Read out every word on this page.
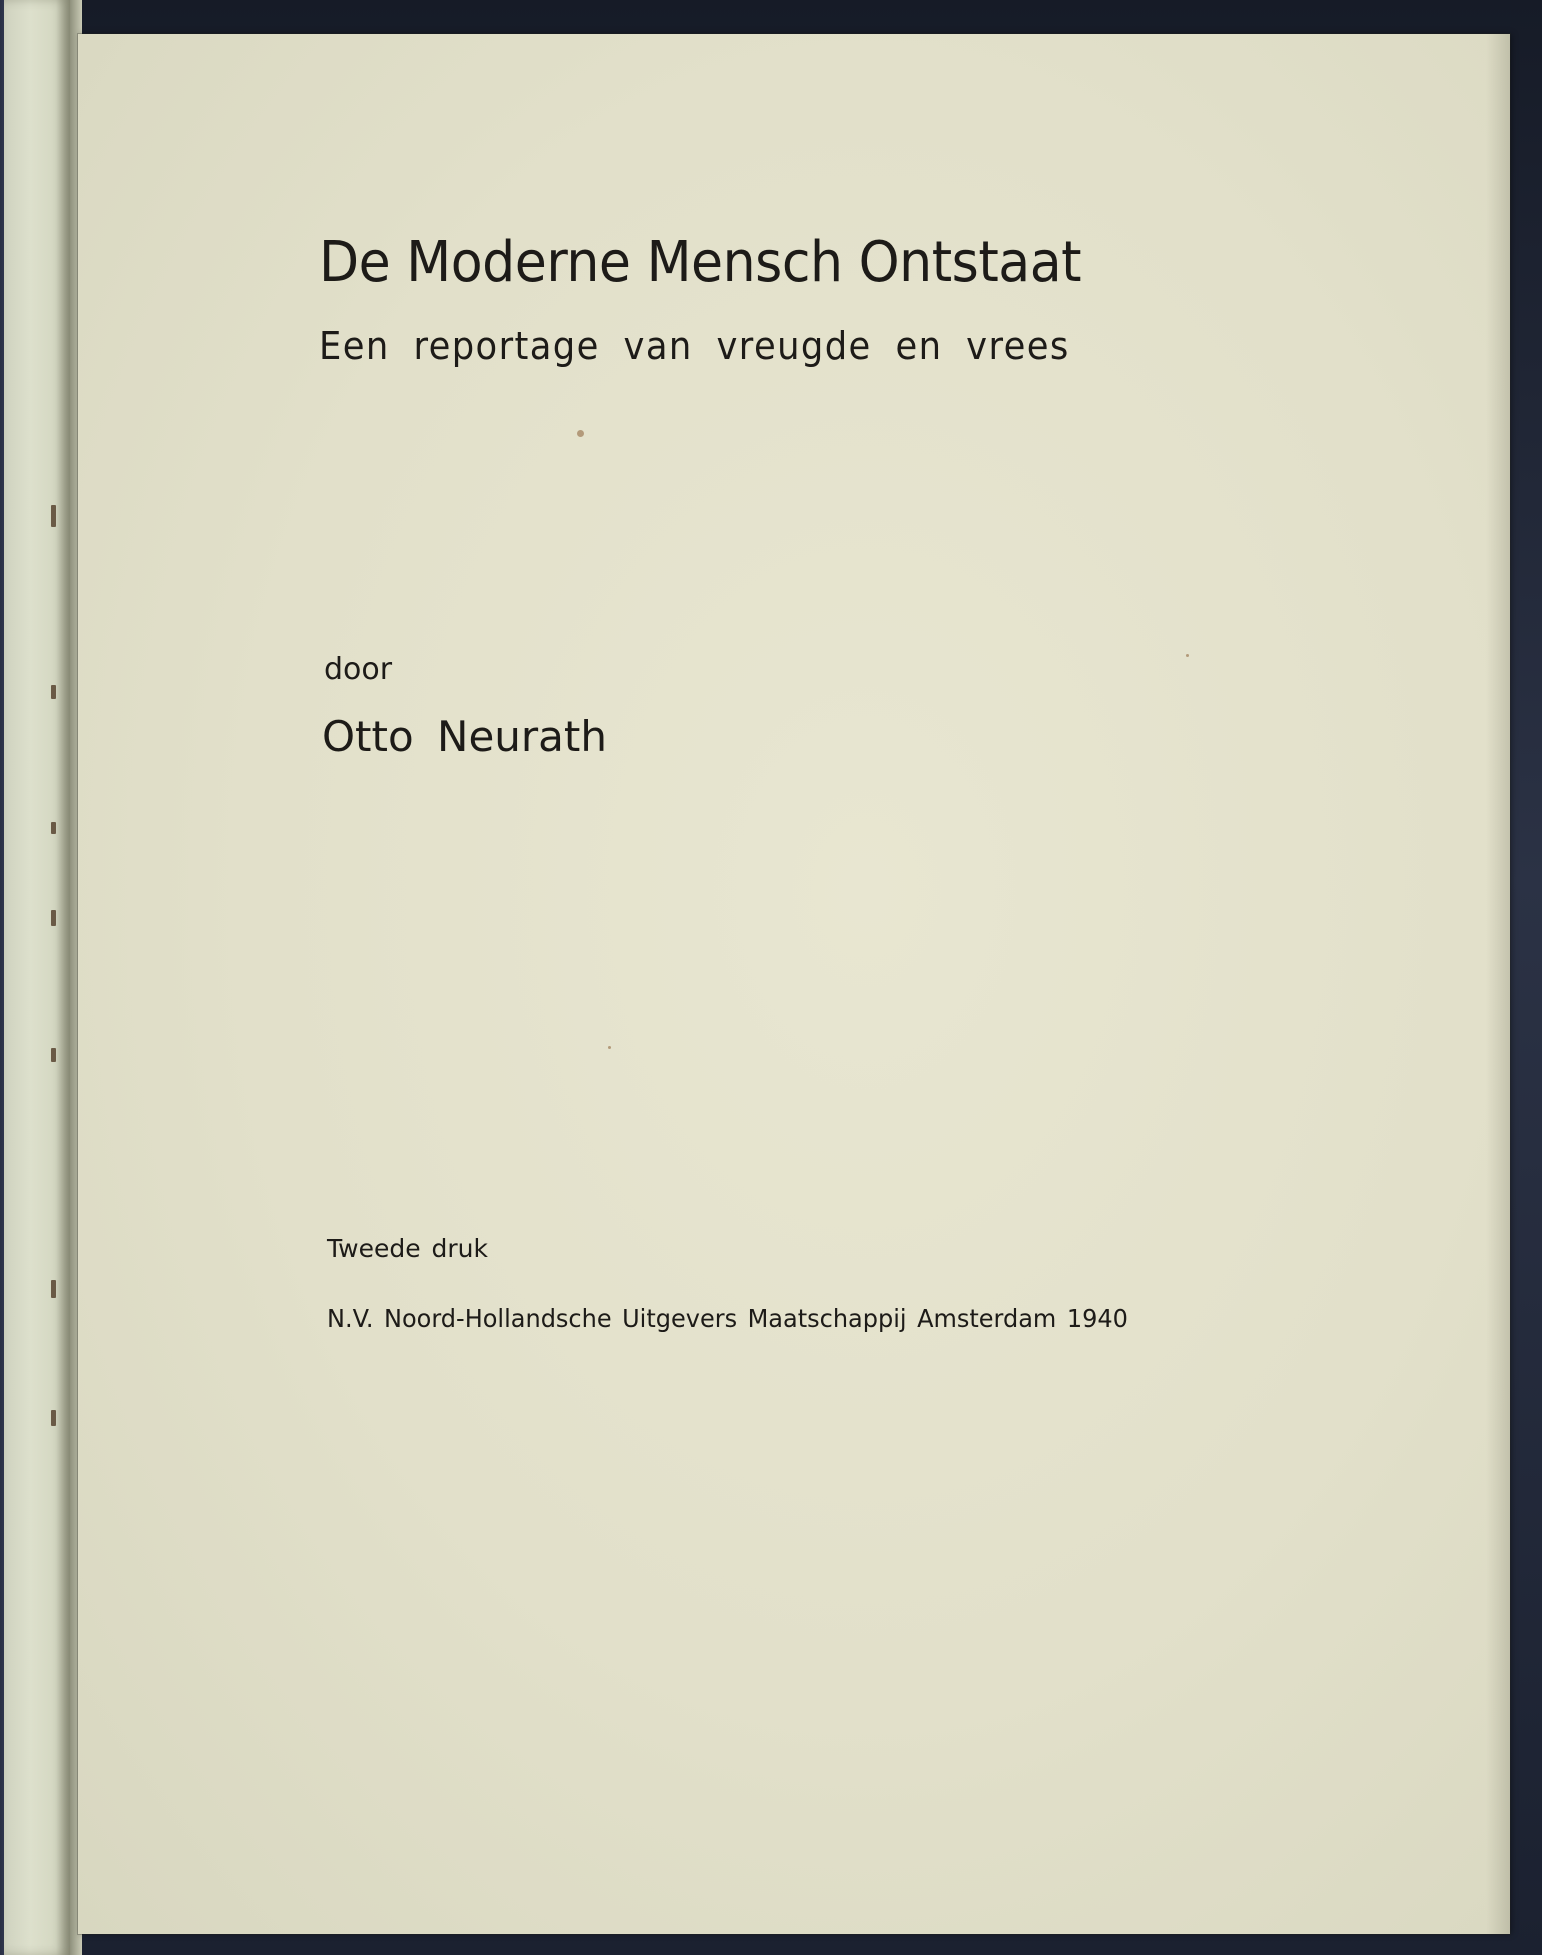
De Moderne Mensch Ontstaat
Een reportage van vreugde en vrees
door
Otto Neurath
Tweede druk
N.V. Noord-Hollandsche Uitgevers Maatschappij Amsterdam 1940
